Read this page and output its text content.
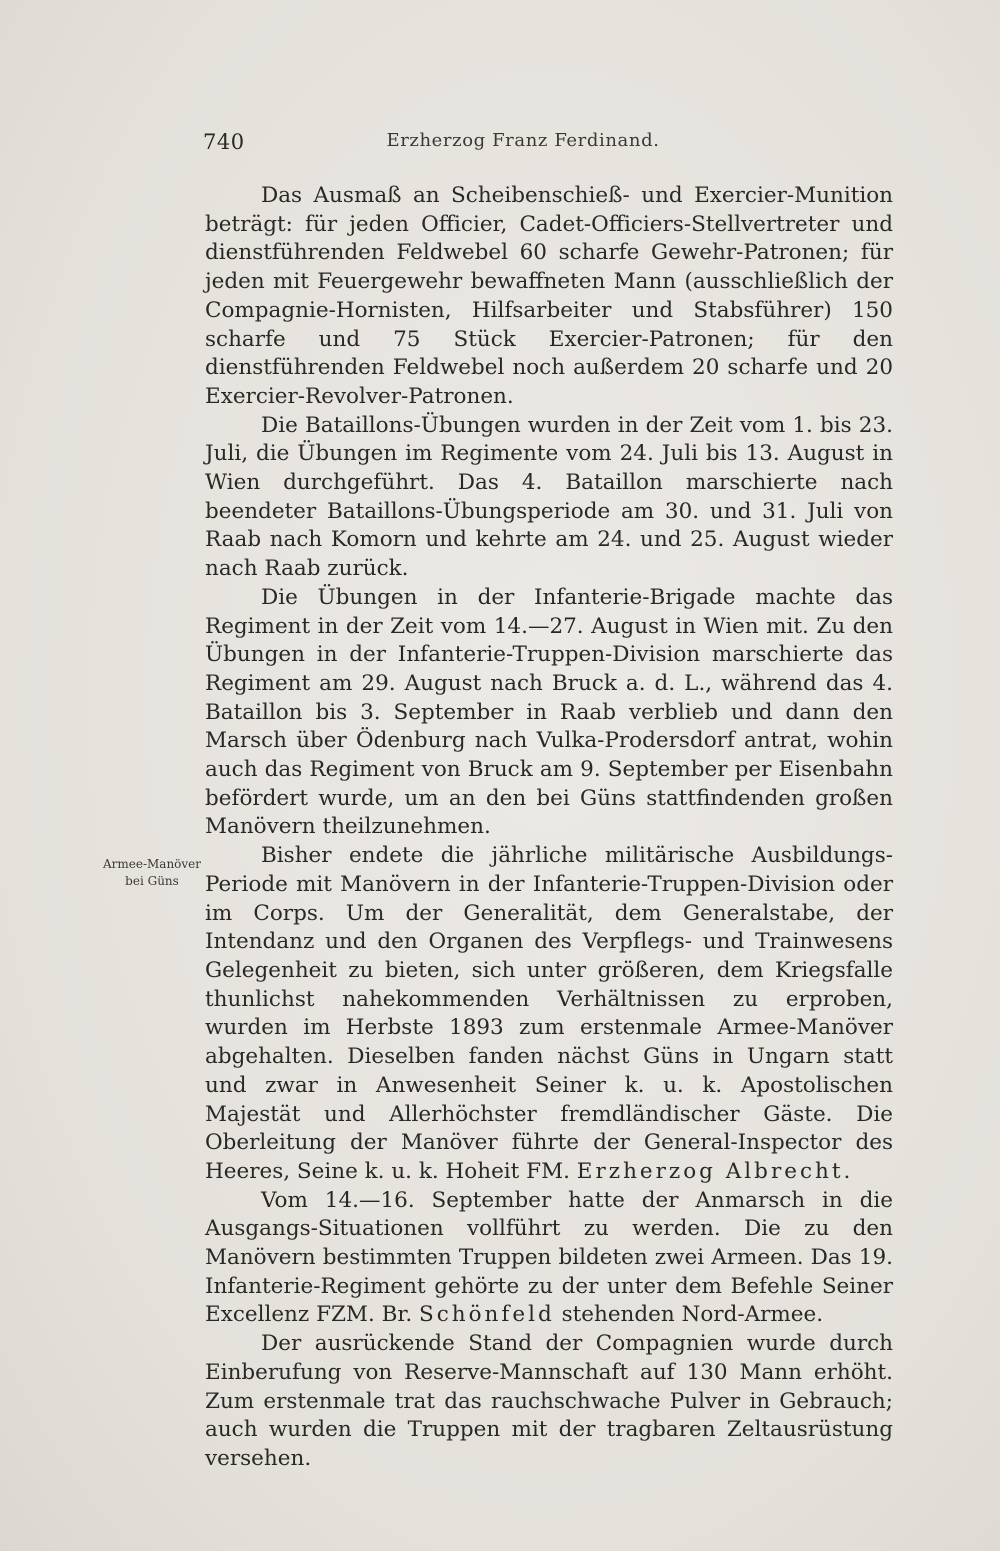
740	Erzherzog Franz Ferdinand.
Armee-Manöver
bei Güns

Das Ausmaß an Scheibenschieß- und Exercier-Munition beträgt: für jeden Officier, Cadet-Officiers-Stellvertreter und dienstführenden Feldwebel 60 scharfe Gewehr-Patronen; für jeden mit Feuergewehr bewaffneten Mann (ausschließlich der Compagnie-Hornisten, Hilfsarbeiter und Stabsführer) 150 scharfe und 75 Stück Exercier-Patronen; für den dienstführenden Feldwebel noch außerdem 20 scharfe und 20 Exercier-Revolver-Patronen.

Die Bataillons-Übungen wurden in der Zeit vom 1. bis 23. Juli, die Übungen im Regimente vom 24. Juli bis 13. August in Wien durchgeführt. Das 4. Bataillon marschierte nach beendeter Bataillons-Übungsperiode am 30. und 31. Juli von Raab nach Komorn und kehrte am 24. und 25. August wieder nach Raab zurück.

Die Übungen in der Infanterie-Brigade machte das Regiment in der Zeit vom 14.—27. August in Wien mit. Zu den Übungen in der Infanterie-Truppen-Division marschierte das Regiment am 29. August nach Bruck a. d. L., während das 4. Bataillon bis 3. September in Raab verblieb und dann den Marsch über Ödenburg nach Vulka-Prodersdorf antrat, wohin auch das Regiment von Bruck am 9. September per Eisenbahn befördert wurde, um an den bei Güns stattfindenden großen Manövern theilzunehmen.

Bisher endete die jährliche militärische Ausbildungs-Periode mit Manövern in der Infanterie-Truppen-Division oder im Corps. Um der Generalität, dem Generalstabe, der Intendanz und den Organen des Verpflegs- und Trainwesens Gelegenheit zu bieten, sich unter größeren, dem Kriegsfalle thunlichst nahekommenden Verhältnissen zu erproben, wurden im Herbste 1893 zum erstenmale Armee-Manöver abgehalten. Dieselben fanden nächst Güns in Ungarn statt und zwar in Anwesenheit Seiner k. u. k. Apostolischen Majestät und Allerhöchster fremdländischer Gäste. Die Oberleitung der Manöver führte der General-Inspector des Heeres, Seine k. u. k. Hoheit FM. Erzherzog Albrecht.

Vom 14.—16. September hatte der Anmarsch in die Ausgangs-Situationen vollführt zu werden. Die zu den Manövern bestimmten Truppen bildeten zwei Armeen. Das 19. Infanterie-Regiment gehörte zu der unter dem Befehle Seiner Excellenz FZM. Br. Schönfeld stehenden Nord-Armee.

Der ausrückende Stand der Compagnien wurde durch Einberufung von Reserve-Mannschaft auf 130 Mann erhöht. Zum erstenmale trat das rauchschwache Pulver in Gebrauch; auch wurden die Truppen mit der tragbaren Zeltausrüstung versehen.
